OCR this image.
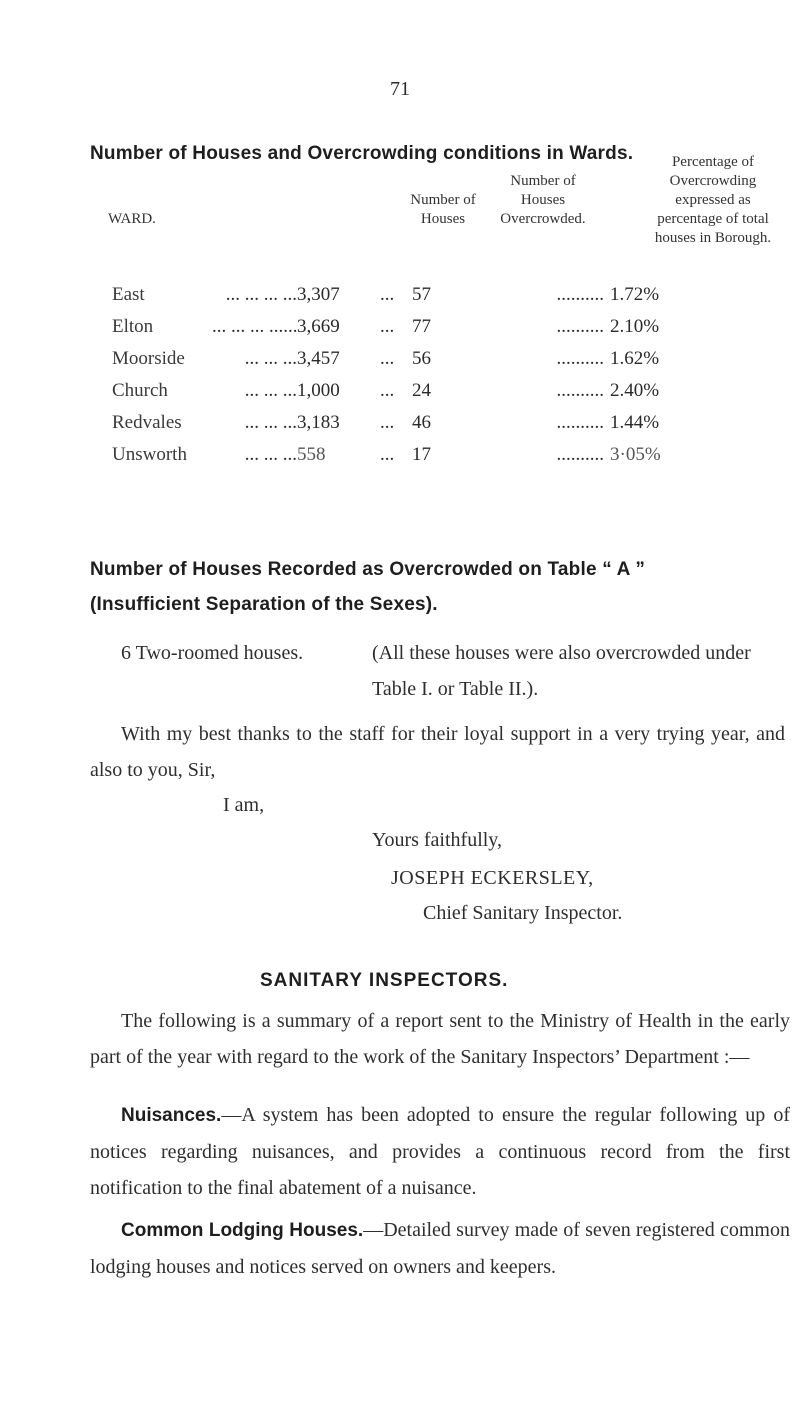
71
Number of Houses and Overcrowding conditions in Wards.
WARD.
Number of
Houses
Number of
Houses
Overcrowded.
Percentage of
Overcrowding
expressed as
percentage of total
houses in Borough.
East	... ... ... ... 3,307 ... 57	.......... 1.72%
Elton	... ... ... ...... 3,669 ... 77	.......... 2.10%
Moorside	... ... ... 3,457 ... 56	.......... 1.62%
Church	... ... ... 1,000 ... 24	.......... 2.40%
Redvales	... ... ... 3,183 ... 46	.......... 1.44%
Unsworth	... ... ... 558	... 17	.......... 3·05%
Number of Houses Recorded as Overcrowded on Table “ A ”
(Insufficient Separation of the Sexes).
6 Two-roomed houses.	(All these houses were also overcrowded under Table I. or Table II.).
With my best thanks to the staff for their loyal support in a very trying year, and also to you, Sir,
I am,
Yours faithfully,
JOSEPH ECKERSLEY,
Chief Sanitary Inspector.
SANITARY INSPECTORS.
The following is a summary of a report sent to the Ministry of Health in the early part of the year with regard to the work of the Sanitary Inspectors’ Department :—
Nuisances.—A system has been adopted to ensure the regular following up of notices regarding nuisances, and provides a continuous record from the first notification to the final abatement of a nuisance.
Common Lodging Houses.—Detailed survey made of seven registered common lodging houses and notices served on owners and keepers.
